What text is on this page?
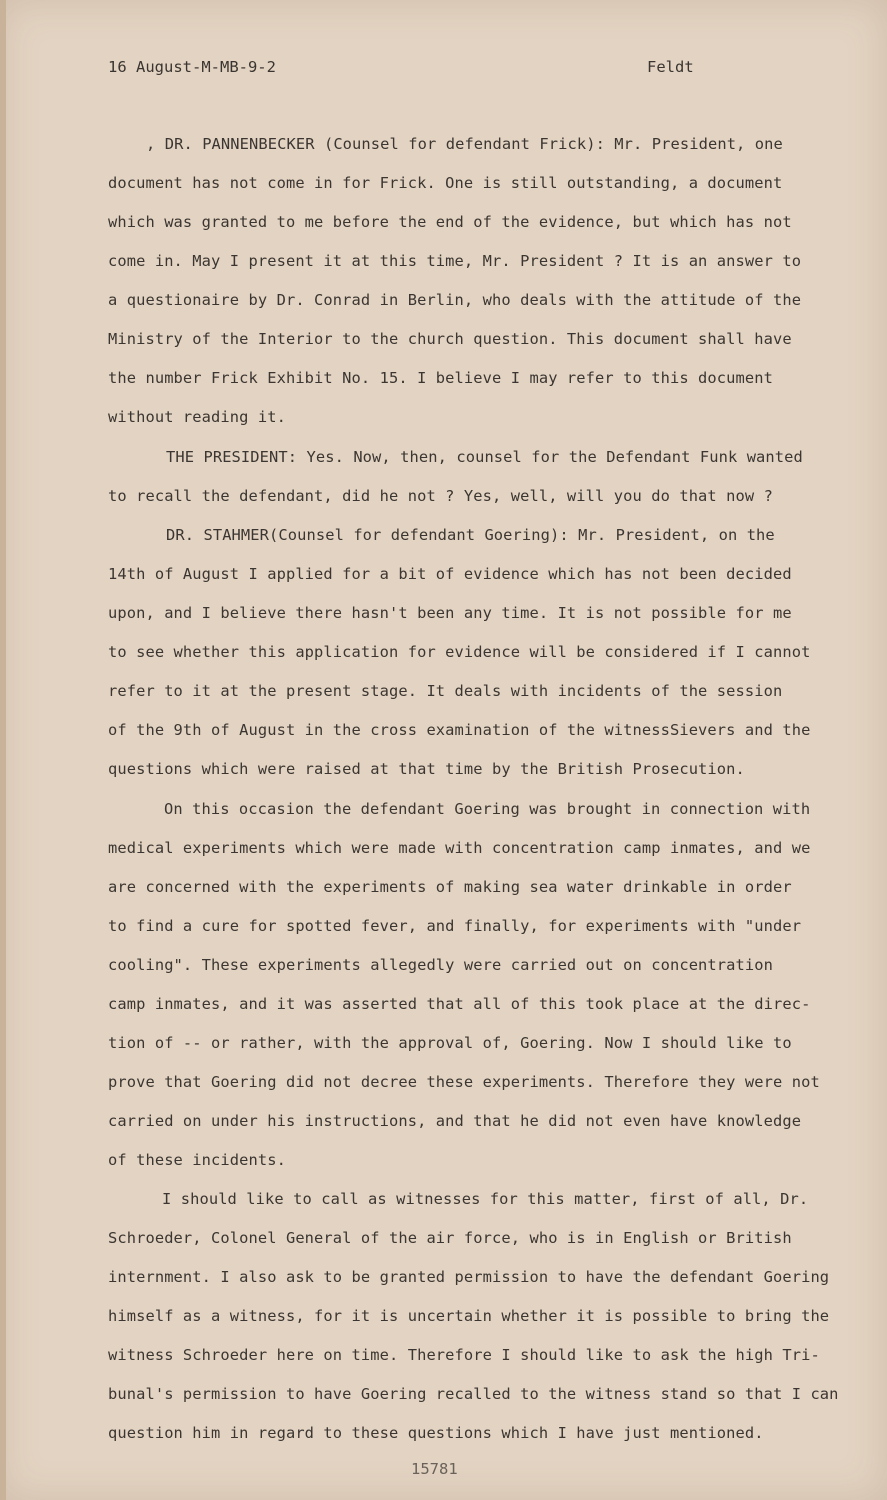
16 August-M-MB-9-2	Feldt
, DR. PANNENBECKER (Counsel for defendant Frick): Mr. President, one
document has not come in for Frick. One is still outstanding, a document
which was granted to me before the end of the evidence, but which has not
come in. May I present it at this time, Mr. President ? It is an answer to
a questionaire by Dr. Conrad in Berlin, who deals with the attitude of the
Ministry of the Interior to the church question. This document shall have
the number Frick Exhibit No. 15. I believe I may refer to this document
without reading it.
THE PRESIDENT: Yes. Now, then, counsel for the Defendant Funk wanted
to recall the defendant, did he not ? Yes, well, will you do that now ?
DR. STAHMER(Counsel for defendant Goering): Mr. President, on the
14th of August I applied for a bit of evidence which has not been decided
upon, and I believe there hasn't been any time. It is not possible for me
to see whether this application for evidence will be considered if I cannot
refer to it at the present stage. It deals with incidents of the session
of the 9th of August in the cross examination of the witnessSievers and the
questions which were raised at that time by the British Prosecution.
On this occasion the defendant Goering was brought in connection with
medical experiments which were made with concentration camp inmates, and we
are concerned with the experiments of making sea water drinkable in order
to find a cure for spotted fever, and finally, for experiments with "under
cooling". These experiments allegedly were carried out on concentration
camp inmates, and it was asserted that all of this took place at the direc-
tion of -- or rather, with the approval of, Goering. Now I should like to
prove that Goering did not decree these experiments. Therefore they were not
carried on under his instructions, and that he did not even have knowledge
of these incidents.
I should like to call as witnesses for this matter, first of all, Dr.
Schroeder, Colonel General of the air force, who is in English or British
internment. I also ask to be granted permission to have the defendant Goering
himself as a witness, for it is uncertain whether it is possible to bring the
witness Schroeder here on time. Therefore I should like to ask the high Tri-
bunal's permission to have Goering recalled to the witness stand so that I can
question him in regard to these questions which I have just mentioned.
15781
